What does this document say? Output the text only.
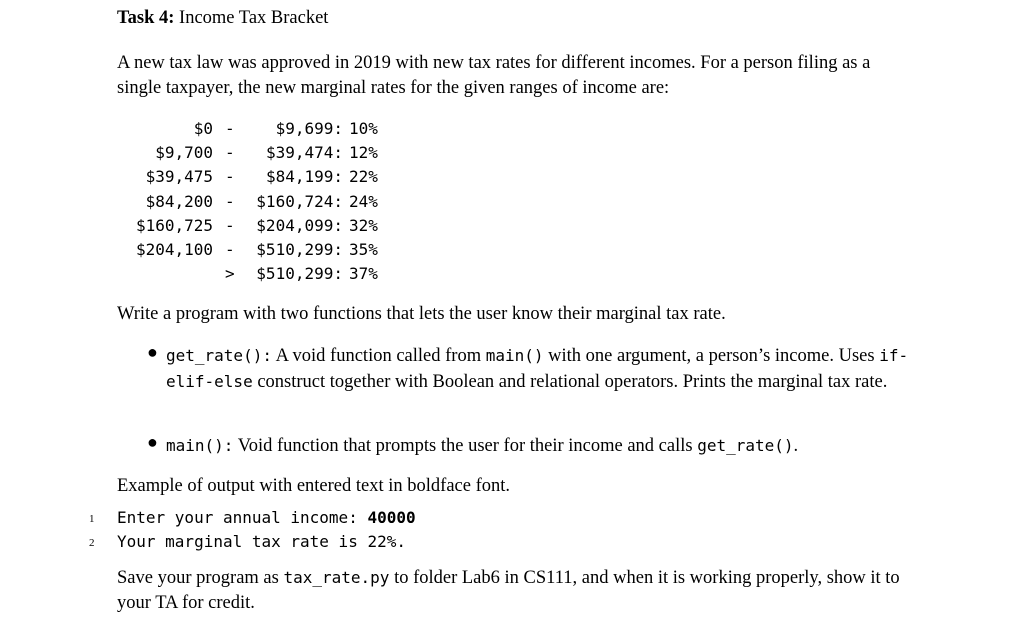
Task 4: Income Tax Bracket
A new tax law was approved in 2019 with new tax rates for different incomes. For a person filing as a single taxpayer, the new marginal rates for the given ranges of income are:
$0 -	$9,699: 10%
$9,700 -	$39,474: 12%
$39,475 -	$84,199: 22%
$84,200 -	$160,724: 24%
$160,725 -	$204,099: 32%
$204,100 -	$510,299: 35%
>	$510,299: 37%
Write a program with two functions that lets the user know their marginal tax rate.
● get_rate(): A void function called from main() with one argument, a person’s income. Uses if-elif-else construct together with Boolean and relational operators. Prints the marginal tax rate.
● main(): Void function that prompts the user for their income and calls get_rate().
Example of output with entered text in boldface font.
1 Enter your annual income: 40000
2 Your marginal tax rate is 22%.
Save your program as tax_rate.py to folder Lab6 in CS111, and when it is working properly, show it to your TA for credit.
